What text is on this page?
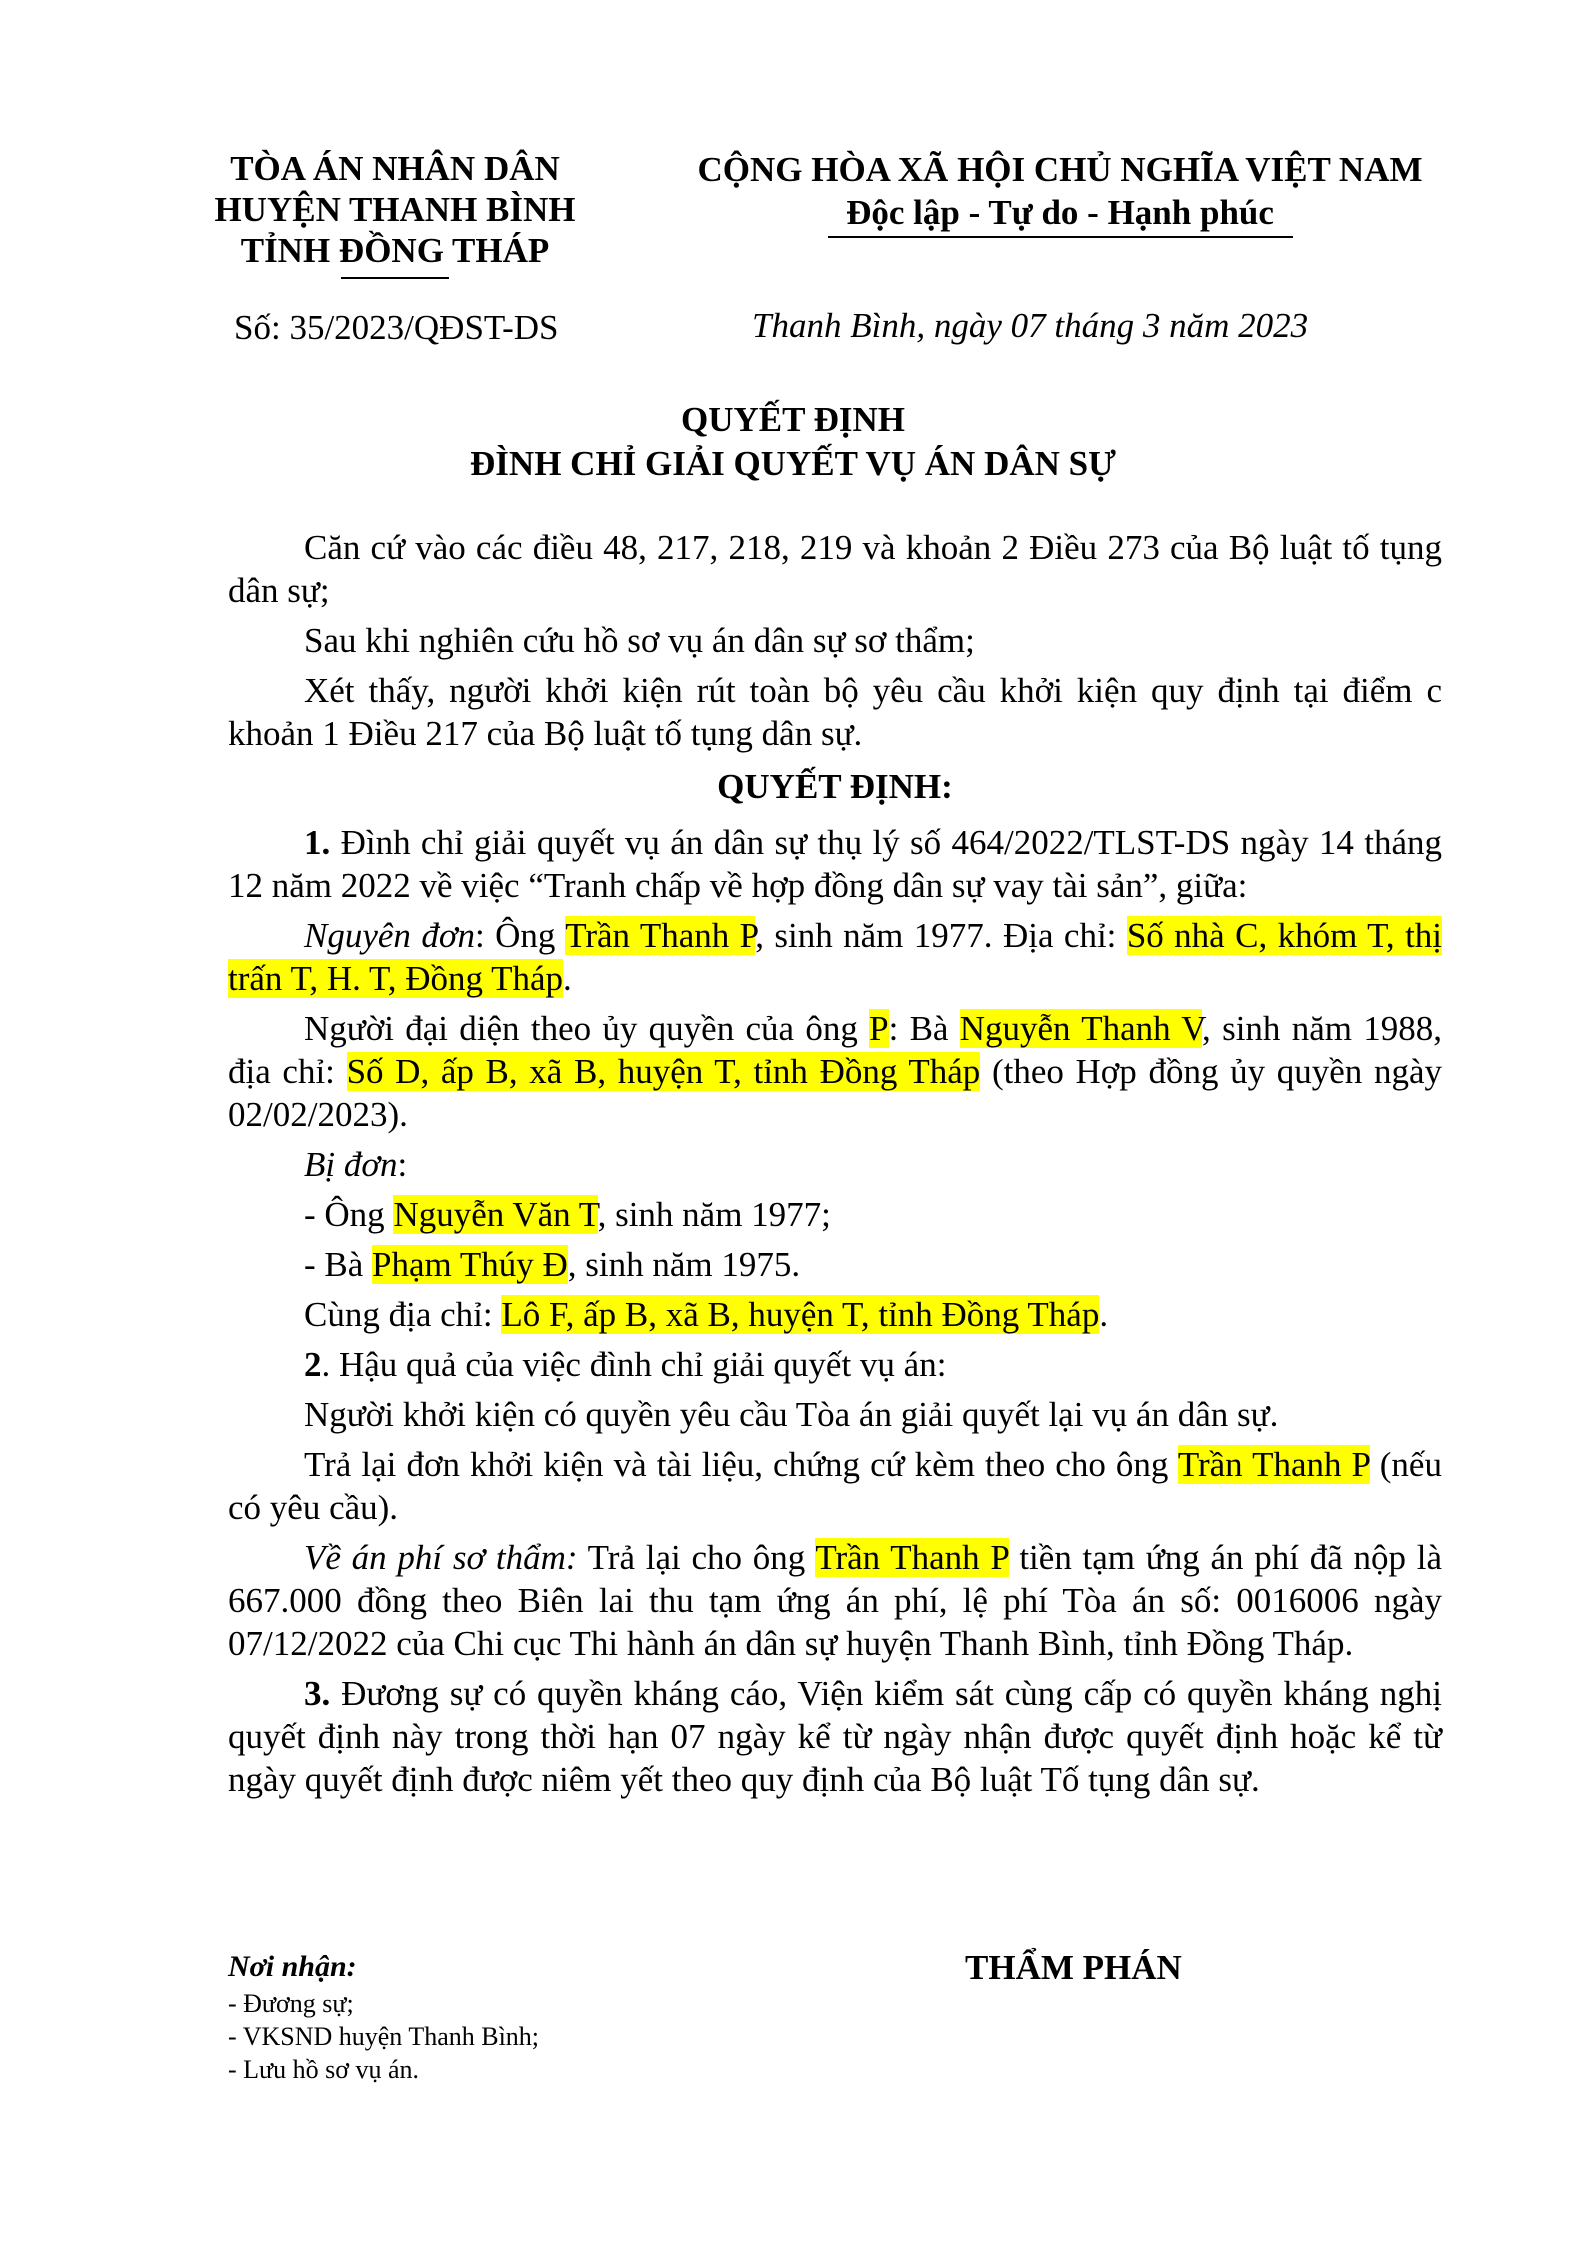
TÒA ÁN NHÂN DÂN
HUYỆN THANH BÌNH
TỈNH ĐỒNG THÁP
CỘNG HÒA XÃ HỘI CHỦ NGHĨA VIỆT NAM
Độc lập - Tự do - Hạnh phúc
Số: 35/2023/QĐST-DS	Thanh Bình, ngày 07 tháng 3 năm 2023
QUYẾT ĐỊNH
ĐÌNH CHỈ GIẢI QUYẾT VỤ ÁN DÂN SỰ

Căn cứ vào các điều 48, 217, 218, 219 và khoản 2 Điều 273 của Bộ luật tố tụng dân sự;

Sau khi nghiên cứu hồ sơ vụ án dân sự sơ thẩm;

Xét thấy, người khởi kiện rút toàn bộ yêu cầu khởi kiện quy định tại điểm c khoản 1 Điều 217 của Bộ luật tố tụng dân sự.

QUYẾT ĐỊNH:

1. Đình chỉ giải quyết vụ án dân sự thụ lý số 464/2022/TLST-DS ngày 14 tháng 12 năm 2022 về việc “Tranh chấp về hợp đồng dân sự vay tài sản”, giữa:

Nguyên đơn: Ông Trần Thanh P, sinh năm 1977. Địa chỉ: Số nhà C, khóm T, thị trấn T, H. T, Đồng Tháp.

Người đại diện theo ủy quyền của ông P: Bà Nguyễn Thanh V, sinh năm 1988, địa chỉ: Số D, ấp B, xã B, huyện T, tỉnh Đồng Tháp (theo Hợp đồng ủy quyền ngày 02/02/2023).

Bị đơn:

- Ông Nguyễn Văn T, sinh năm 1977;

- Bà Phạm Thúy Đ, sinh năm 1975.

Cùng địa chỉ: Lô F, ấp B, xã B, huyện T, tỉnh Đồng Tháp.

2. Hậu quả của việc đình chỉ giải quyết vụ án:

Người khởi kiện có quyền yêu cầu Tòa án giải quyết lại vụ án dân sự.

Trả lại đơn khởi kiện và tài liệu, chứng cứ kèm theo cho ông Trần Thanh P (nếu có yêu cầu).

Về án phí sơ thẩm: Trả lại cho ông Trần Thanh P tiền tạm ứng án phí đã nộp là 667.000 đồng theo Biên lai thu tạm ứng án phí, lệ phí Tòa án số: 0016006 ngày 07/12/2022 của Chi cục Thi hành án dân sự huyện Thanh Bình, tỉnh Đồng Tháp.

3. Đương sự có quyền kháng cáo, Viện kiểm sát cùng cấp có quyền kháng nghị quyết định này trong thời hạn 07 ngày kể từ ngày nhận được quyết định hoặc kể từ ngày quyết định được niêm yết theo quy định của Bộ luật Tố tụng dân sự.

Nơi nhận:
- Đương sự;
- VKSND huyện Thanh Bình;
- Lưu hồ sơ vụ án.
THẨM PHÁN
